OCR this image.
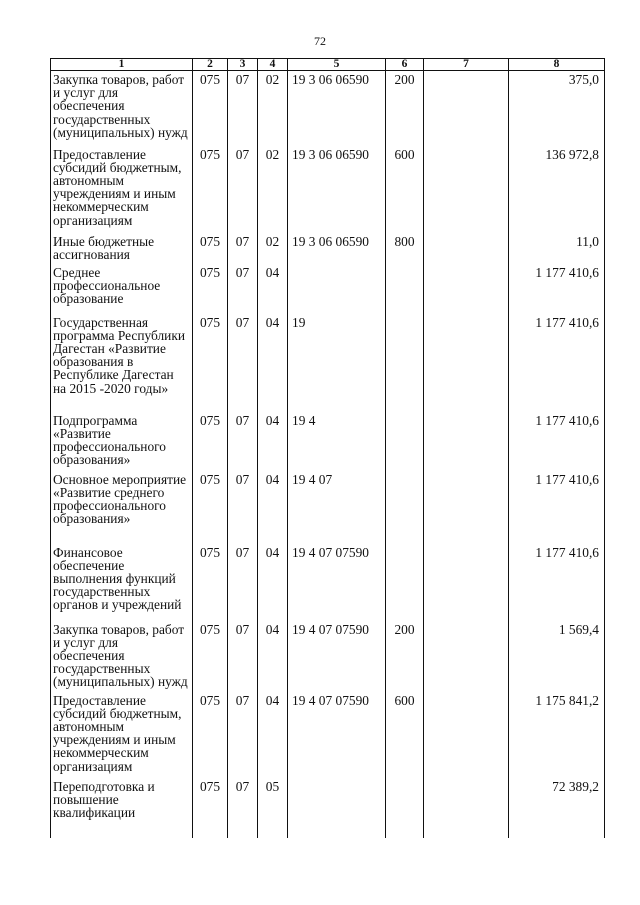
72
1	2	3	4	5	6	7	8
Закупка товаров, работ и услуг для обеспечения государственных (муниципальных) нужд	075	07	02	19 3 06 06590	200		375,0
Предоставление субсидий бюджетным, автономным учреждениям и иным некоммерческим организациям	075	07	02	19 3 06 06590	600		136 972,8
Иные бюджетные ассигнования	075	07	02	19 3 06 06590	800		11,0
Среднее профессиональное образование	075	07	04				1 177 410,6
Государственная программа Республики Дагестан «Развитие образования в Республике Дагестан на 2015 -2020 годы»	075	07	04	19			1 177 410,6
Подпрограмма «Развитие профессионального образования»	075	07	04	19 4			1 177 410,6
Основное мероприятие «Развитие среднего профессионального образования»	075	07	04	19 4 07			1 177 410,6
Финансовое обеспечение выполнения функций государственных органов и учреждений	075	07	04	19 4 07 07590			1 177 410,6
Закупка товаров, работ и услуг для обеспечения государственных (муниципальных) нужд	075	07	04	19 4 07 07590	200		1 569,4
Предоставление субсидий бюджетным, автономным учреждениям и иным некоммерческим организациям	075	07	04	19 4 07 07590	600		1 175 841,2
Переподготовка и повышение квалификации	075	07	05				72 389,2
